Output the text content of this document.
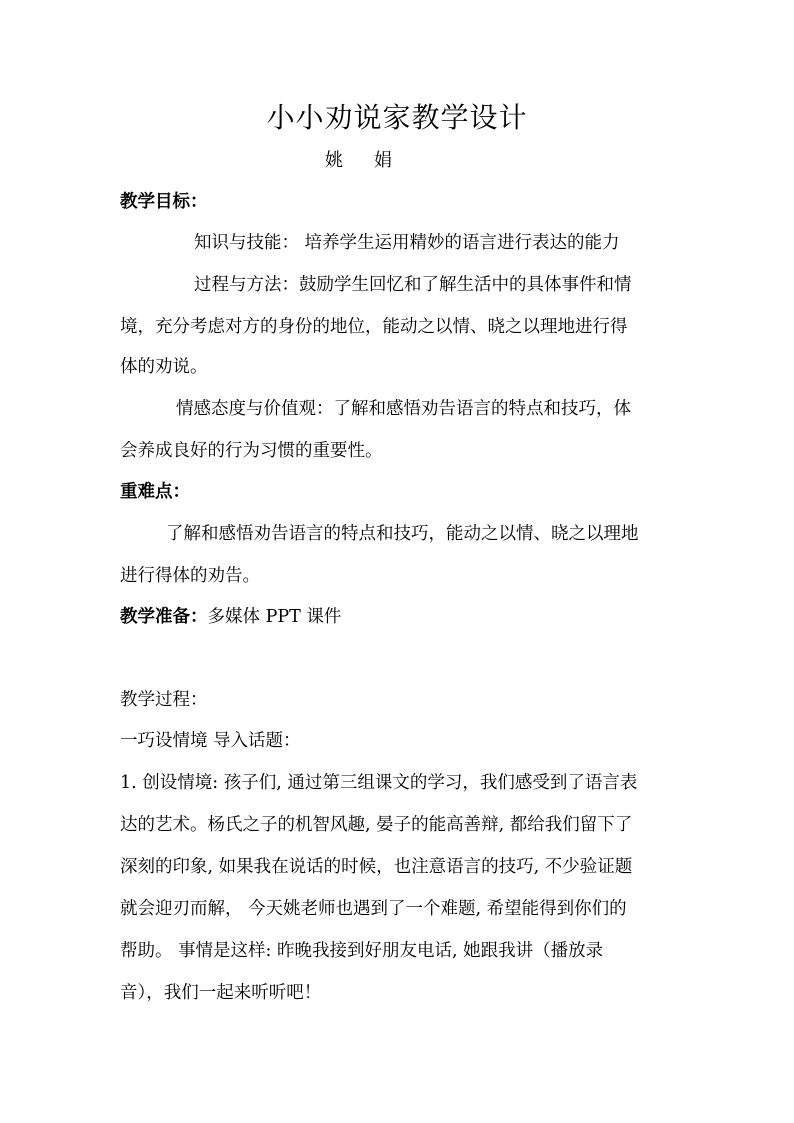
小小劝说家教学设计
姚 娟
教学目标：
知识与技能： 培养学生运用精妙的语言进行表达的能力
过程与方法：鼓励学生回忆和了解生活中的具体事件和情
境，充分考虑对方的身份的地位，能动之以情、晓之以理地进行得
体的劝说。
情感态度与价值观：了解和感悟劝告语言的特点和技巧，体
会养成良好的行为习惯的重要性。
重难点：
了解和感悟劝告语言的特点和技巧，能动之以情、晓之以理地
进行得体的劝告。
教学准备：多媒体 PPT 课件
教学过程：
一巧设情境 导入话题：
1. 创设情境: 孩子们, 通过第三组课文的学习，我们感受到了语言表
达的艺术。杨氏之子的机智风趣, 晏子的能高善辩, 都给我们留下了
深刻的印象, 如果我在说话的时候，也注意语言的技巧, 不少验证题
就会迎刃而解， 今天姚老师也遇到了一个难题, 希望能得到你们的
帮助。 事情是这样: 昨晚我接到好朋友电话, 她跟我讲（播放录
音），我们一起来听听吧！
